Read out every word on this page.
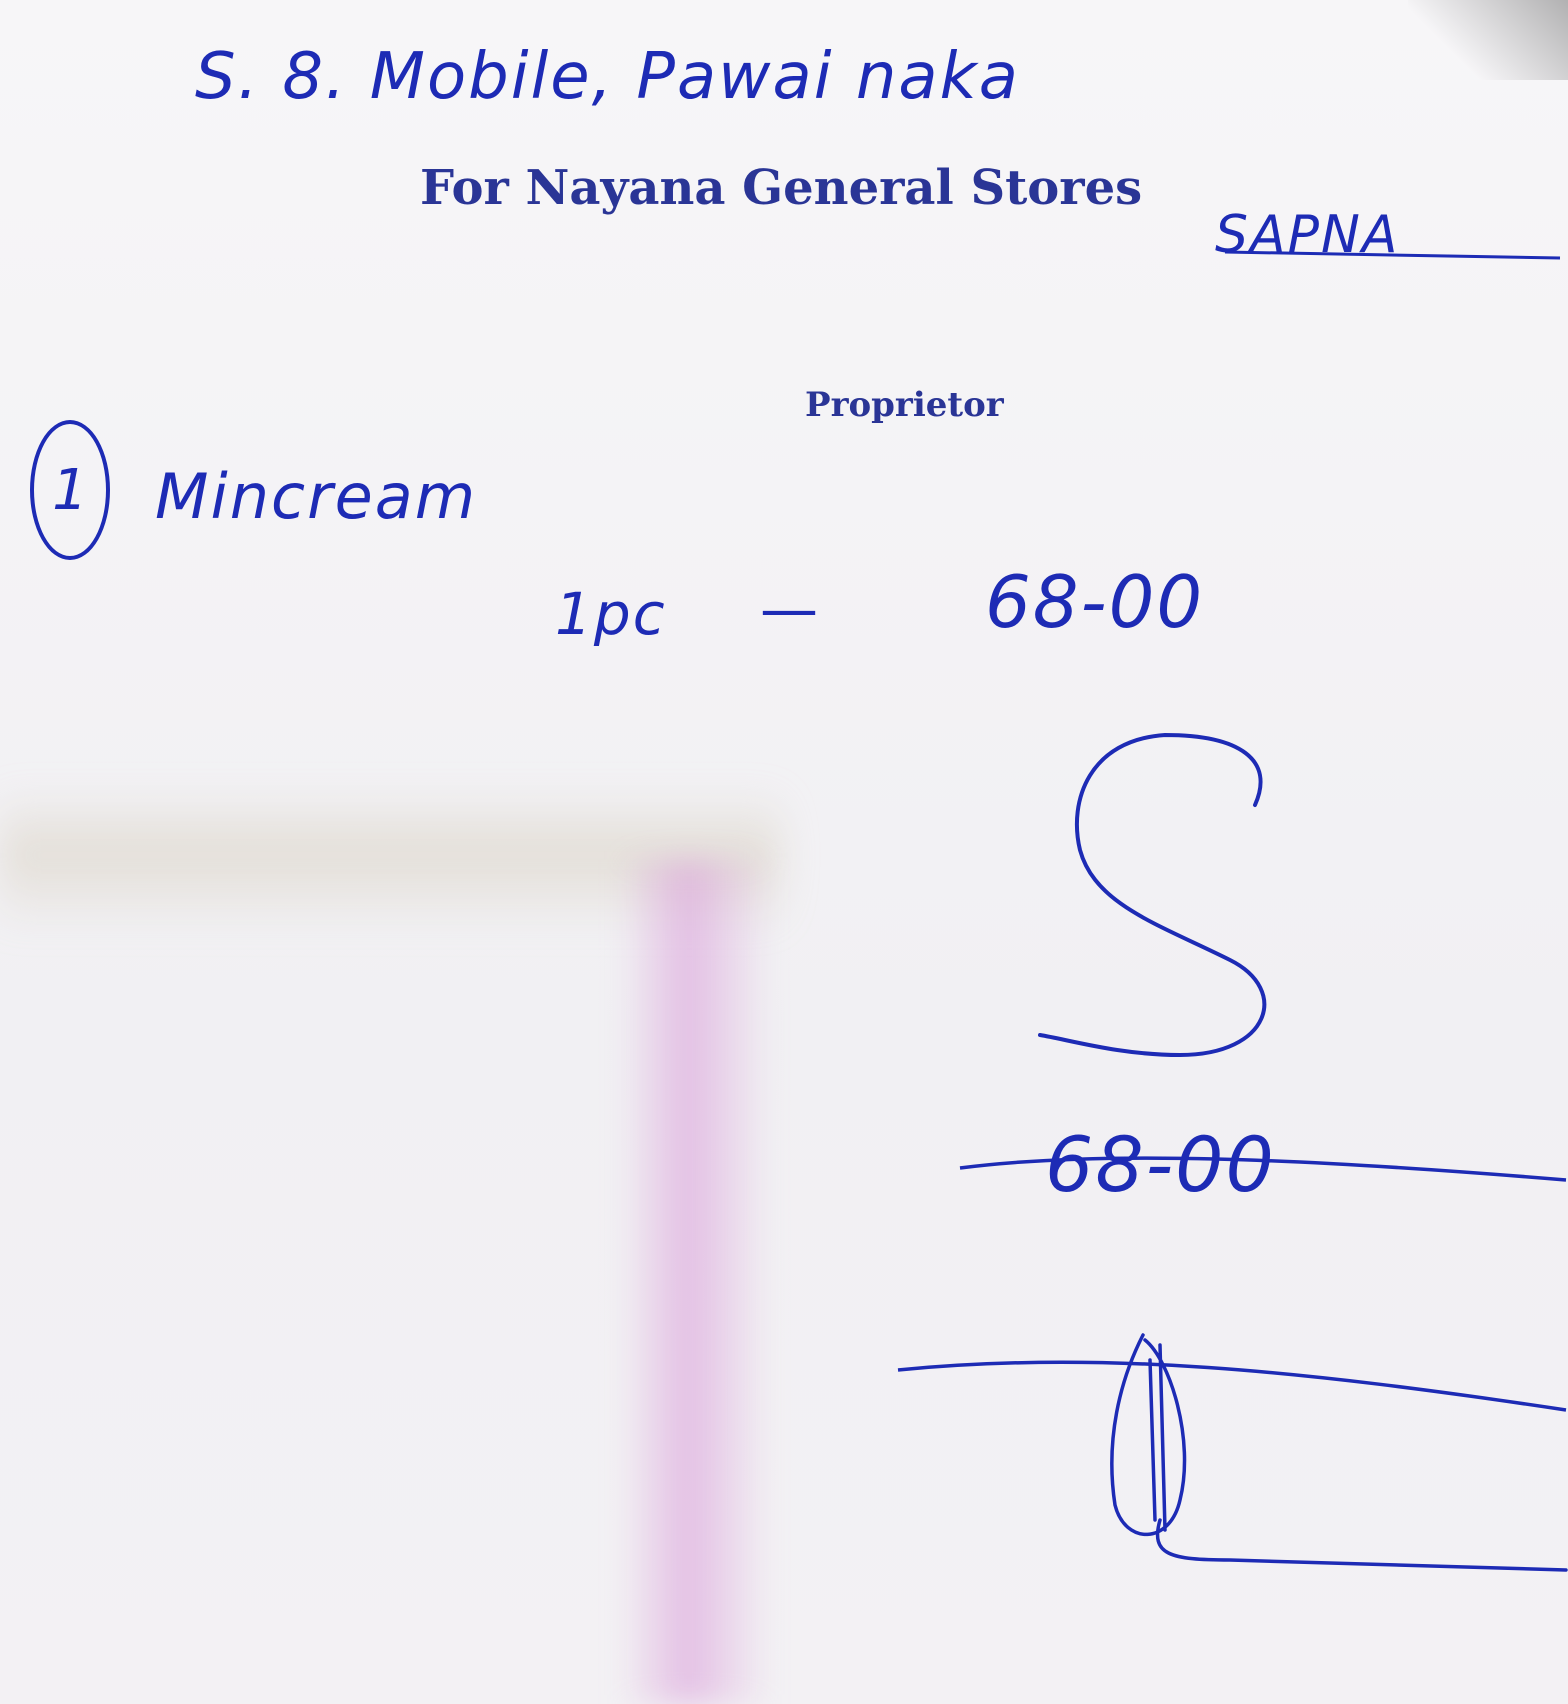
S. 8. Mobile, Pawai naka
For Nayana General Stores
SAPNA
Proprietor
1	Mincream
1pc — 68-00
68-00
